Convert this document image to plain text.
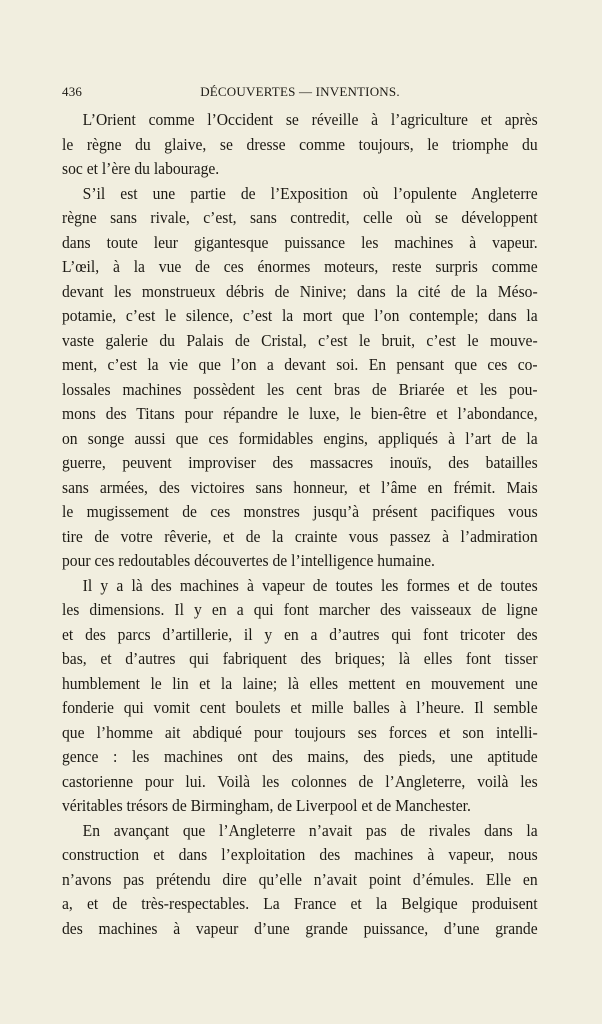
436	DÉCOUVERTES — INVENTIONS.
L’Orient comme l’Occident se réveille à l’agriculture et après
le règne du glaive, se dresse comme toujours, le triomphe du
soc et l’ère du labourage.
S’il est une partie de l’Exposition où l’opulente Angleterre
règne sans rivale, c’est, sans contredit, celle où se développent
dans toute leur gigantesque puissance les machines à vapeur.
L’œil, à la vue de ces énormes moteurs, reste surpris comme
devant les monstrueux débris de Ninive; dans la cité de la Méso-
potamie, c’est le silence, c’est la mort que l’on contemple; dans la
vaste galerie du Palais de Cristal, c’est le bruit, c’est le mouve-
ment, c’est la vie que l’on a devant soi. En pensant que ces co-
lossales machines possèdent les cent bras de Briarée et les pou-
mons des Titans pour répandre le luxe, le bien-être et l’abondance,
on songe aussi que ces formidables engins, appliqués à l’art de la
guerre, peuvent improviser des massacres inouïs, des batailles
sans armées, des victoires sans honneur, et l’âme en frémit. Mais
le mugissement de ces monstres jusqu’à présent pacifiques vous
tire de votre rêverie, et de la crainte vous passez à l’admiration
pour ces redoutables découvertes de l’intelligence humaine.
Il y a là des machines à vapeur de toutes les formes et de toutes
les dimensions. Il y en a qui font marcher des vaisseaux de ligne
et des parcs d’artillerie, il y en a d’autres qui font tricoter des
bas, et d’autres qui fabriquent des briques; là elles font tisser
humblement le lin et la laine; là elles mettent en mouvement une
fonderie qui vomit cent boulets et mille balles à l’heure. Il semble
que l’homme ait abdiqué pour toujours ses forces et son intelli-
gence : les machines ont des mains, des pieds, une aptitude
castorienne pour lui. Voilà les colonnes de l’Angleterre, voilà les
véritables trésors de Birmingham, de Liverpool et de Manchester.
En avançant que l’Angleterre n’avait pas de rivales dans la
construction et dans l’exploitation des machines à vapeur, nous
n’avons pas prétendu dire qu’elle n’avait point d’émules. Elle en
a, et de très-respectables. La France et la Belgique produisent
des machines à vapeur d’une grande puissance, d’une grande
